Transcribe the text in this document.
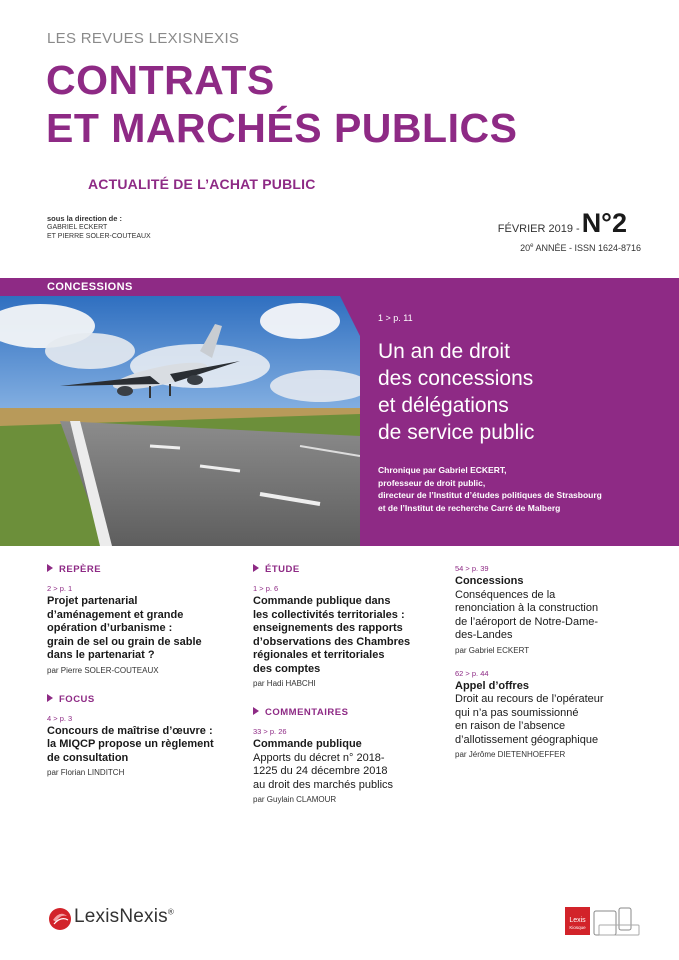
LES REVUES LEXISNEXIS
CONTRATS
ET MARCHÉS PUBLICS
ACTUALITÉ DE L’ACHAT PUBLIC
sous la direction de :
GABRIEL ECKERT
ET PIERRE SOLER-COUTEAUX
FÉVRIER 2019 -N°2
20e ANNÉE - ISSN 1624-8716
CONCESSIONS
1 > p. 11
Un an de droit
des concessions
et délégations
de service public
Chronique par Gabriel ECKERT,
professeur de droit public,
directeur de l’Institut d’études politiques de Strasbourg
et de l’Institut de recherche Carré de Malberg
REPÈRE
2 > p. 1
Projet partenarial
d’aménagement et grande
opération d’urbanisme :
grain de sel ou grain de sable
dans le partenariat ?
par Pierre SOLER-COUTEAUX
FOCUS
4 > p. 3
Concours de maîtrise d’œuvre :
la MIQCP propose un règlement
de consultation
par Florian LINDITCH
ÉTUDE
1 > p. 6
Commande publique dans
les collectivités territoriales :
enseignements des rapports
d’observations des Chambres
régionales et territoriales
des comptes
par Hadi HABCHI
COMMENTAIRES
33 > p. 26
Commande publique
Apports du décret n° 2018-
1225 du 24 décembre 2018
au droit des marchés publics
par Guylain CLAMOUR
54 > p. 39
Concessions
Conséquences de la
renonciation à la construction
de l’aéroport de Notre-Dame-
des-Landes
par Gabriel ECKERT
62 > p. 44
Appel d’offres
Droit au recours de l’opérateur
qui n’a pas soumissionné
en raison de l’absence
d’allotissement géographique
par Jérôme DIETENHOEFFER
LexisNexis®
Lexis
Kiosque
